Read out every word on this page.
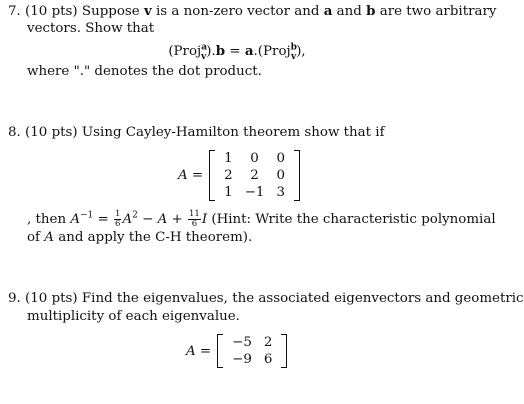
7. (10 pts) Suppose v is a non-zero vector and a and b are two arbitrary
vectors. Show that
(Proj$^a_v$).b = a.(Proj$^b_v$),
where "." denotes the dot product.
8. (10 pts) Using Cayley-Hamilton theorem show that if
A =
1	0	0
2	2	0
1	−1	3
, then $A^{-1} = \frac{1}{6} A^2 - A + \frac{11}{6}$ I (Hint: Write the characteristic polynomial
of A and apply the C-H theorem).
9. (10 pts) Find the eigenvalues, the associated eigenvectors and geometric
multiplicity of each eigenvalue.
A =
−5	2
−9	6
